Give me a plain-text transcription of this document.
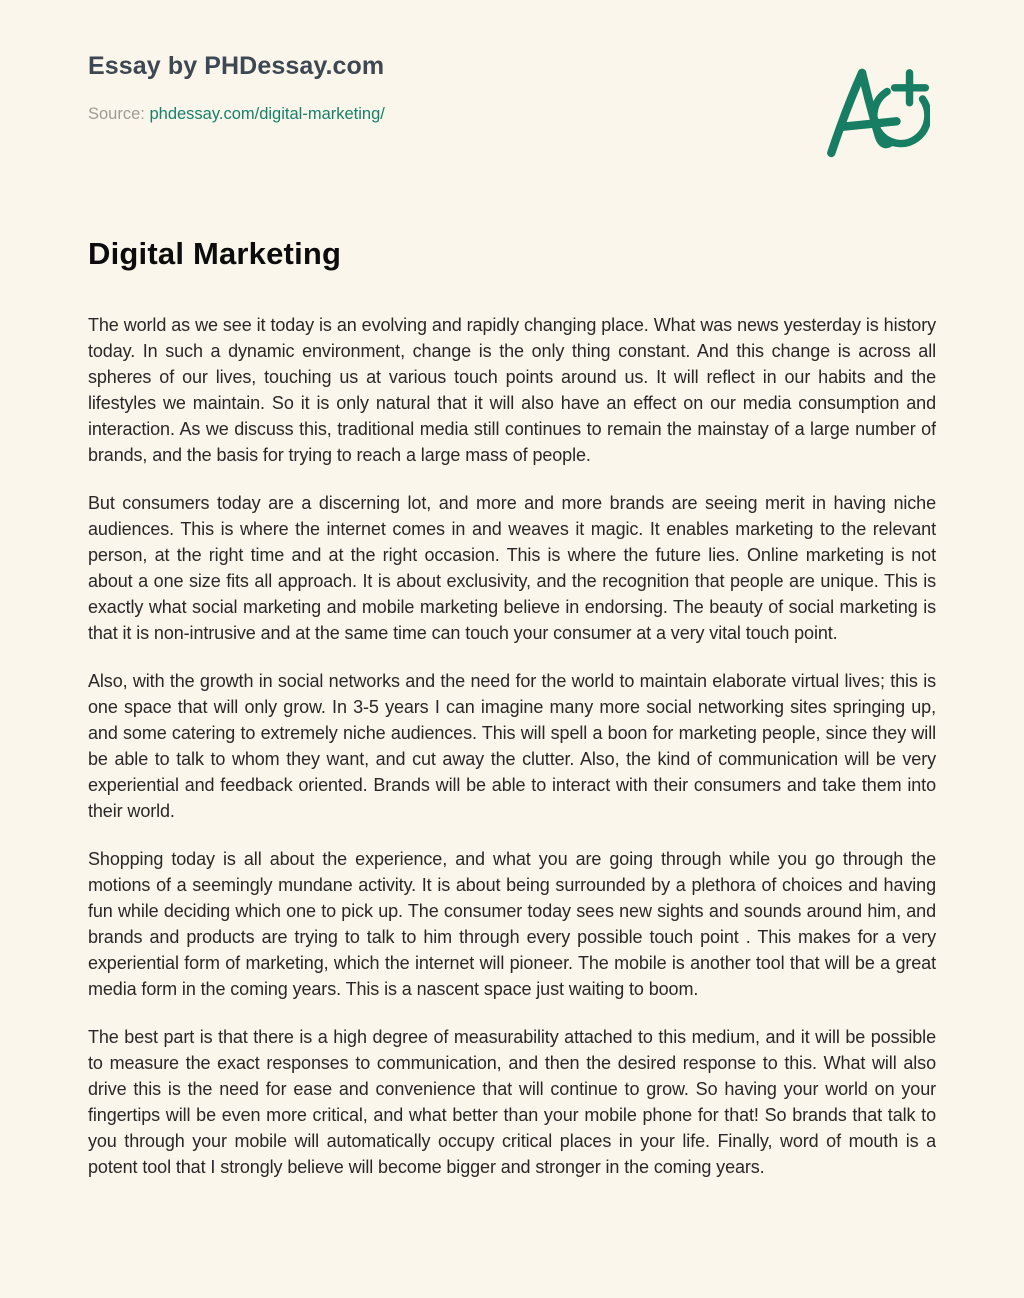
Essay by PHDessay.com
Source: phdessay.com/digital-marketing/
Digital Marketing

The world as we see it today is an evolving and rapidly changing place. What was news yesterday is history today. In such a dynamic environment, change is the only thing constant. And this change is across all spheres of our lives, touching us at various touch points around us. It will reflect in our habits and the lifestyles we maintain. So it is only natural that it will also have an effect on our media consumption and interaction. As we discuss this, traditional media still continues to remain the mainstay of a large number of brands, and the basis for trying to reach a large mass of people.

But consumers today are a discerning lot, and more and more brands are seeing merit in having niche audiences. This is where the internet comes in and weaves it magic. It enables marketing to the relevant person, at the right time and at the right occasion. This is where the future lies. Online marketing is not about a one size fits all approach. It is about exclusivity, and the recognition that people are unique. This is exactly what social marketing and mobile marketing believe in endorsing. The beauty of social marketing is that it is non-intrusive and at the same time can touch your consumer at a very vital touch point.

Also, with the growth in social networks and the need for the world to maintain elaborate virtual lives; this is one space that will only grow. In 3-5 years I can imagine many more social networking sites springing up, and some catering to extremely niche audiences. This will spell a boon for marketing people, since they will be able to talk to whom they want, and cut away the clutter. Also, the kind of communication will be very experiential and feedback oriented. Brands will be able to interact with their consumers and take them into their world.

Shopping today is all about the experience, and what you are going through while you go through the motions of a seemingly mundane activity. It is about being surrounded by a plethora of choices and having fun while deciding which one to pick up. The consumer today sees new sights and sounds around him, and brands and products are trying to talk to him through every possible touch point . This makes for a very experiential form of marketing, which the internet will pioneer. The mobile is another tool that will be a great media form in the coming years. This is a nascent space just waiting to boom.

The best part is that there is a high degree of measurability attached to this medium, and it will be possible to measure the exact responses to communication, and then the desired response to this. What will also drive this is the need for ease and convenience that will continue to grow. So having your world on your fingertips will be even more critical, and what better than your mobile phone for that! So brands that talk to you through your mobile will automatically occupy critical places in your life. Finally, word of mouth is a potent tool that I strongly believe will become bigger and stronger in the coming years.
